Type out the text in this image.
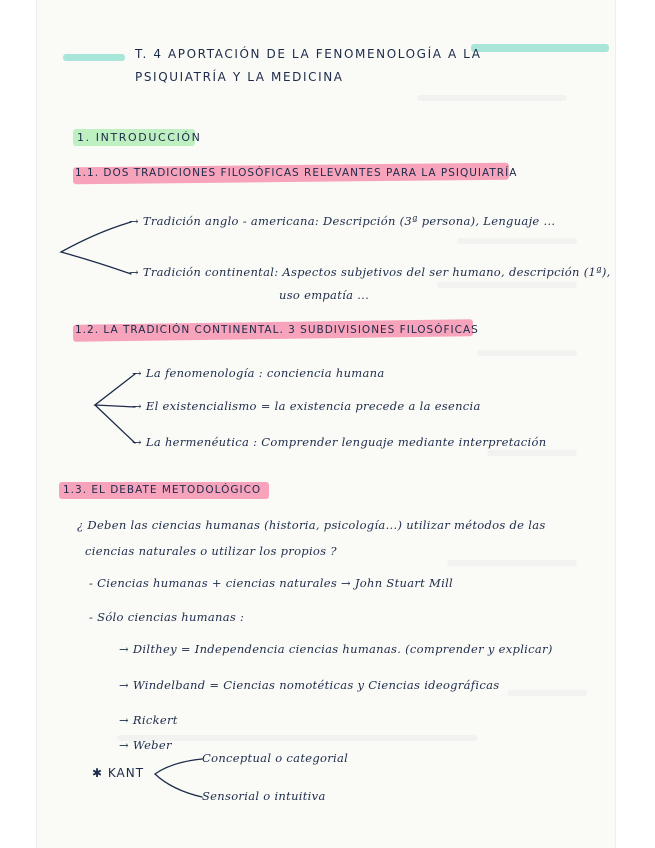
T. 4 APORTACIÓN DE LA FENOMENOLOGÍA A LA
PSIQUIATRÍA Y LA MEDICINA
1. INTRODUCCIÓN
1.1. DOS TRADICIONES FILOSÓFICAS RELEVANTES PARA LA PSIQUIATRÍA
→ Tradición anglo - americana: Descripción (3ª persona), Lenguaje ...
→ Tradición continental: Aspectos subjetivos del ser humano, descripción (1ª),
uso empatía ...
1.2. LA TRADICIÓN CONTINENTAL. 3 SUBDIVISIONES FILOSÓFICAS
→ La fenomenología : conciencia humana
→ El existencialismo = la existencia precede a la esencia
→ La hermenéutica : Comprender lenguaje mediante interpretación
1.3. EL DEBATE METODOLÓGICO
¿ Deben las ciencias humanas (historia, psicología...) utilizar métodos de las
ciencias naturales o utilizar los propios ?
- Ciencias humanas + ciencias naturales → John Stuart Mill
- Sólo ciencias humanas :
→ Dilthey = Independencia ciencias humanas. (comprender y explicar)
→ Windelband = Ciencias nomotéticas y Ciencias ideográficas
→ Rickert
→ Weber
✱ KANT
Conceptual o categorial
Sensorial o intuitiva
